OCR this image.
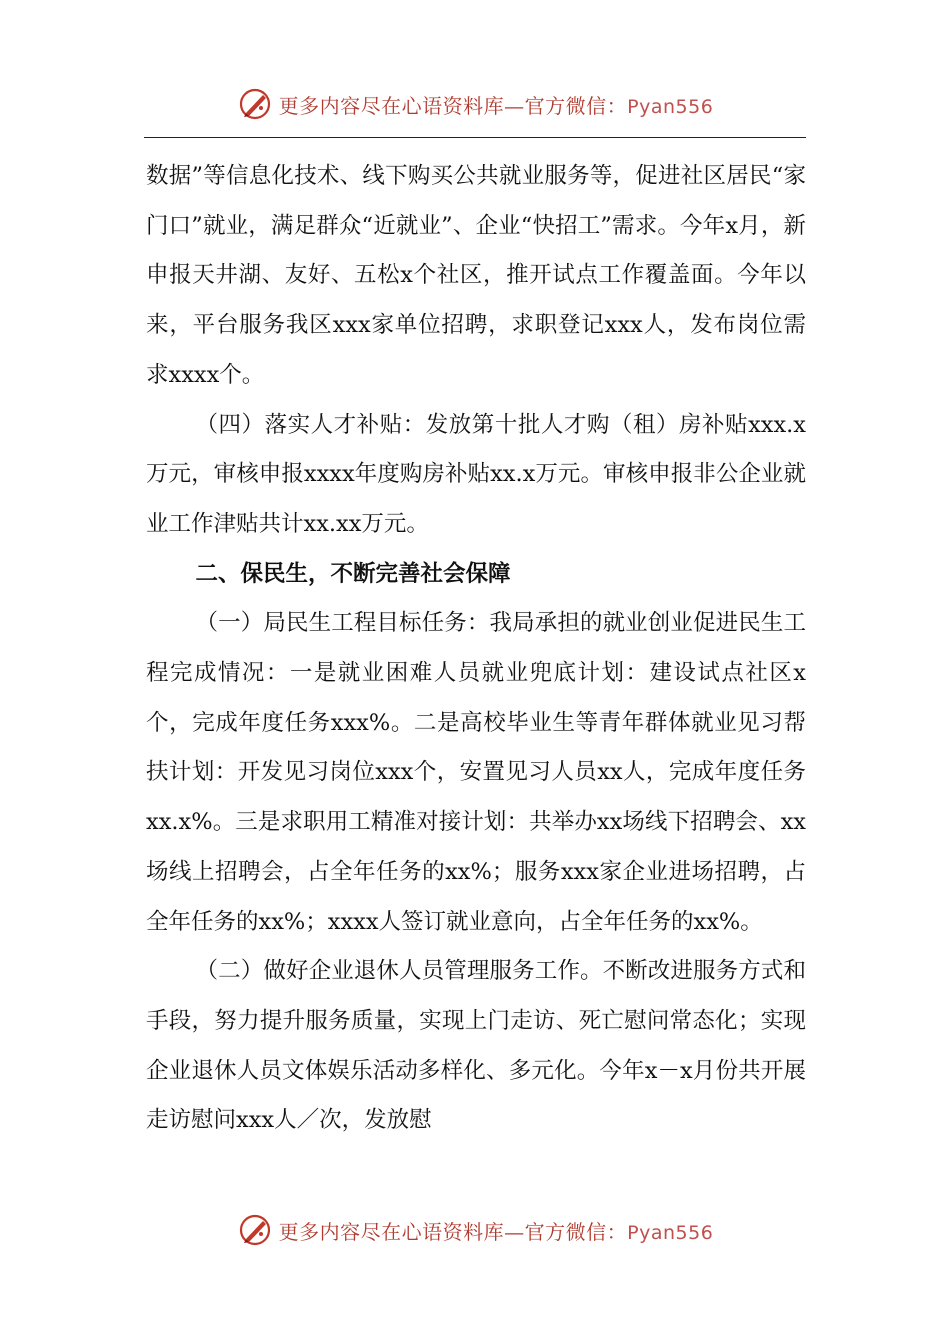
更多内容尽在心语资料库—官方微信：Pyan556

数据”等信息化技术、线下购买公共就业服务等，促进社区居民“家门口”就业，满足群众“近就业”、企业“快招工”需求。今年x月，新申报天井湖、友好、五松x个社区，推开试点工作覆盖面。今年以来，平台服务我区xxx家单位招聘，求职登记xxx人，发布岗位需求xxxx个。

（四）落实人才补贴：发放第十批人才购（租）房补贴xxx.x万元，审核申报xxxx年度购房补贴xx.x万元。审核申报非公企业就业工作津贴共计xx.xx万元。

二、保民生，不断完善社会保障

（一）局民生工程目标任务：我局承担的就业创业促进民生工程完成情况：一是就业困难人员就业兜底计划：建设试点社区x个，完成年度任务xxx%。二是高校毕业生等青年群体就业见习帮扶计划：开发见习岗位xxx个，安置见习人员xx人，完成年度任务xx.x%。三是求职用工精准对接计划：共举办xx场线下招聘会、xx场线上招聘会，占全年任务的xx%；服务xxx家企业进场招聘，占全年任务的xx%；xxxx人签订就业意向，占全年任务的xx%。

（二）做好企业退休人员管理服务工作。不断改进服务方式和手段，努力提升服务质量，实现上门走访、死亡慰问常态化；实现企业退休人员文体娱乐活动多样化、多元化。今年x－x月份共开展走访慰问xxx人／次，发放慰

更多内容尽在心语资料库—官方微信：Pyan556
